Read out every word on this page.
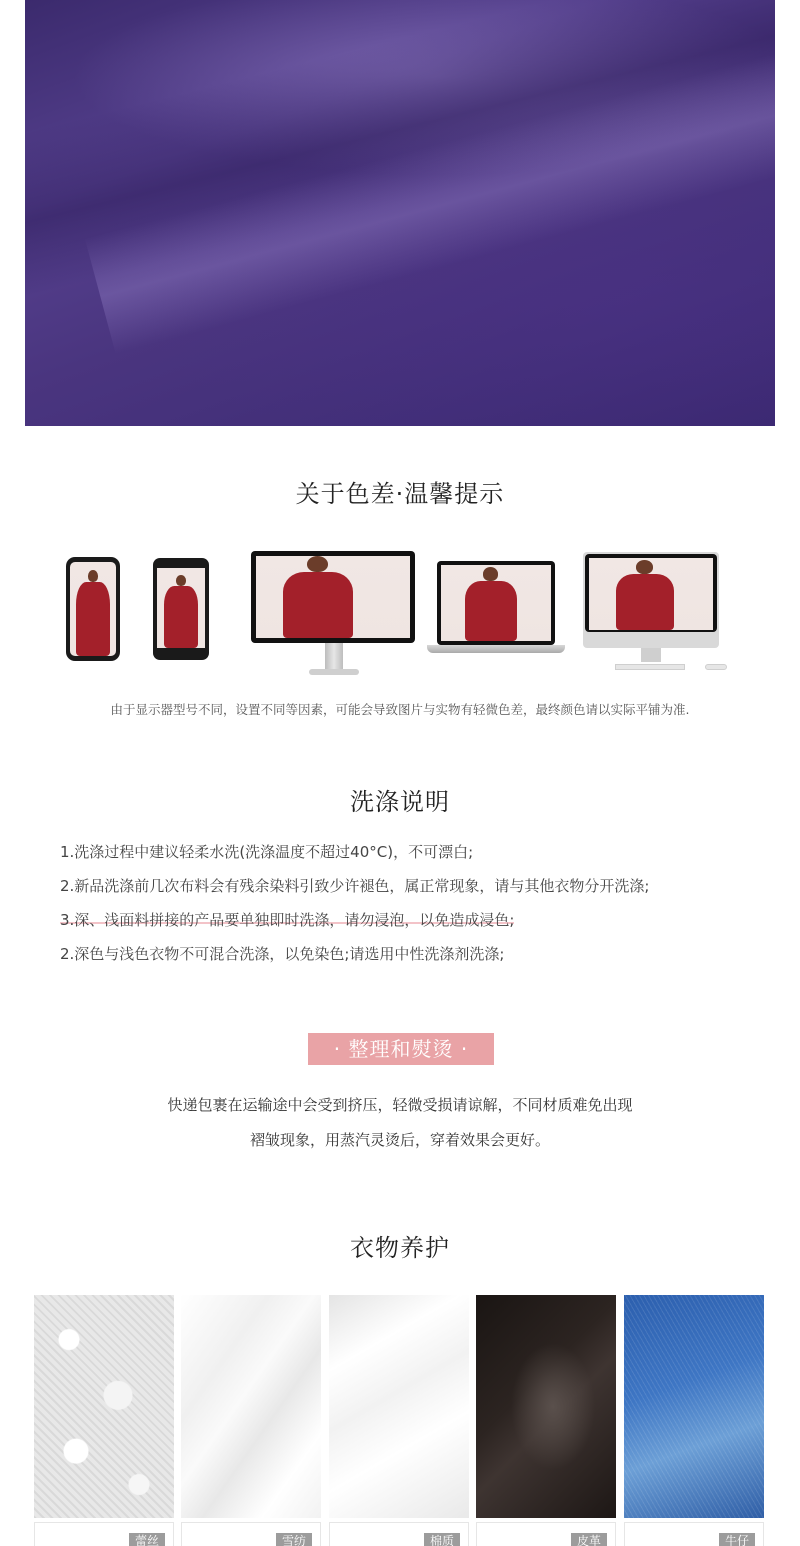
关于色差·温馨提示
由于显示器型号不同，设置不同等因素，可能会导致图片与实物有轻微色差，最终颜色请以实际平铺为准.
洗涤说明
1.洗涤过程中建议轻柔水洗(洗涤温度不超过40°C)，不可漂白;
2.新品洗涤前几次布料会有残余染料引致少许褪色，属正常现象，请与其他衣物分开洗涤;
3.深、浅面料拼接的产品要单独即时洗涤，请勿浸泡，以免造成浸色;
2.深色与浅色衣物不可混合洗涤，以免染色;请选用中性洗涤剂洗涤;
· 整理和熨烫 ·
快递包裹在运输途中会受到挤压，轻微受损请谅解，不同材质难免出现
褶皱现象，用蒸汽灵烫后，穿着效果会更好。
衣物养护
蕾丝	雪纺	棉质	皮革	牛仔
